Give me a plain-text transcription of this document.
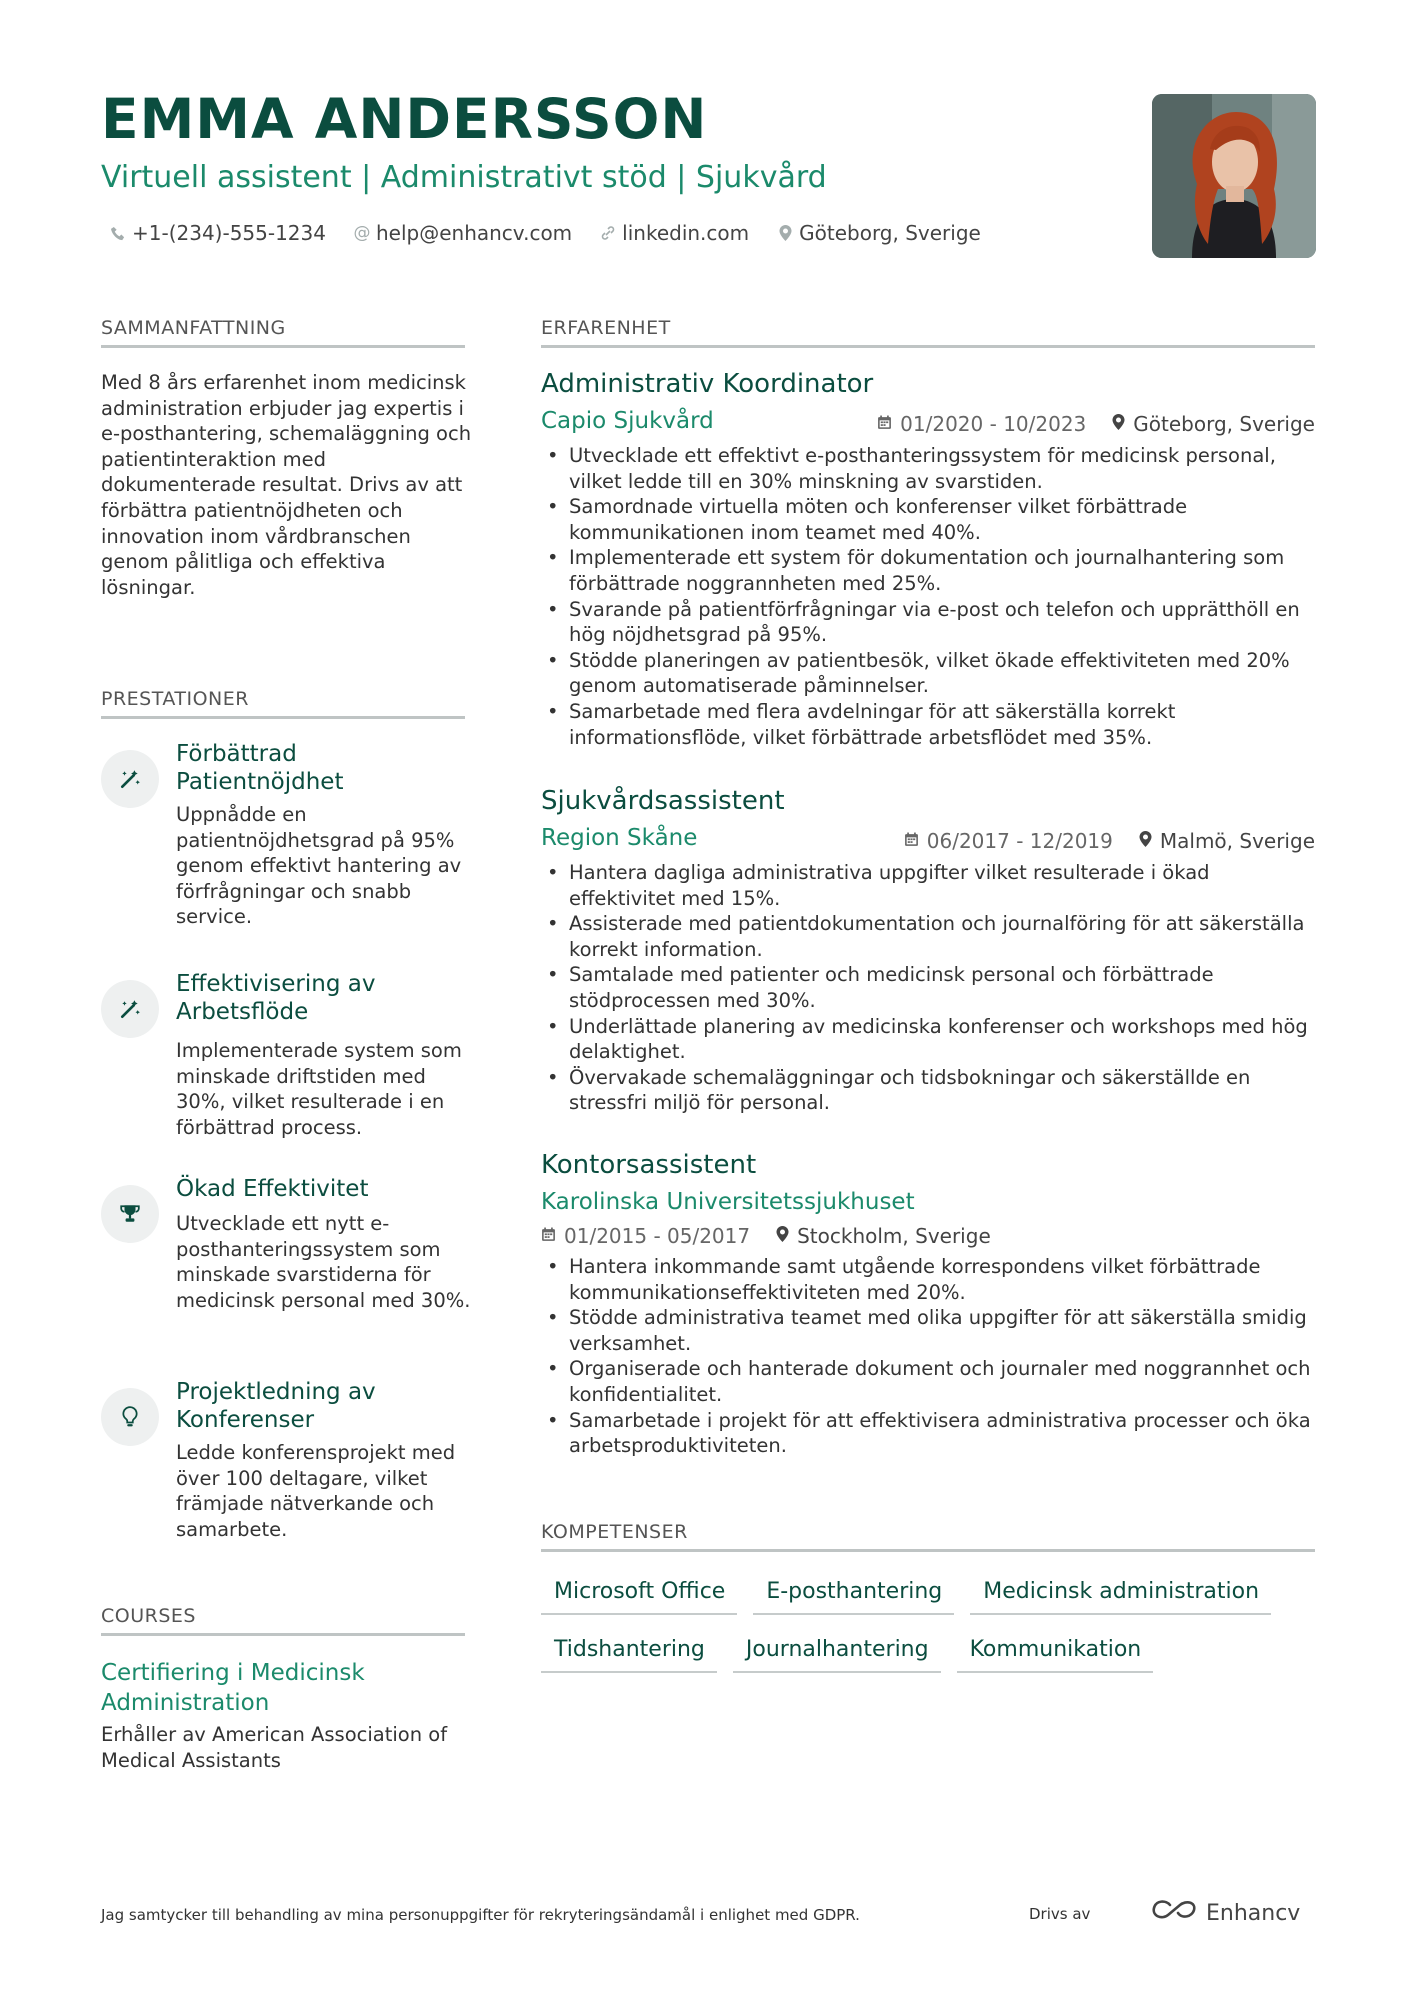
EMMA ANDERSSON
Virtuell assistent | Administrativt stöd | Sjukvård
+1-(234)-555-1234 @ help@enhancv.com	linkedin.com	Göteborg, Sverige
SAMMANFATTNING
Med 8 års erfarenhet inom medicinsk administration erbjuder jag expertis i e-posthantering, schemaläggning och patientinteraktion med dokumenterade resultat. Drivs av att förbättra patientnöjdheten och innovation inom vårdbranschen genom pålitliga och effektiva lösningar.
PRESTATIONER
Förbättrad Patientnöjdhet
Uppnådde en patientnöjdhetsgrad på 95% genom effektivt hantering av förfrågningar och snabb service.
Effektivisering av Arbetsflöde
Implementerade system som minskade driftstiden med 30%, vilket resulterade i en förbättrad process.
Ökad Effektivitet
Utvecklade ett nytt e-posthanteringssystem som minskade svarstiderna för medicinsk personal med 30%.
Projektledning av Konferenser
Ledde konferensprojekt med över 100 deltagare, vilket främjade nätverkande och samarbete.
COURSES
Certifiering i Medicinsk Administration
Erhåller av American Association of Medical Assistants
ERFARENHET
Administrativ Koordinator
Capio Sjukvård	01/2020 - 10/2023 Göteborg, Sverige
• Utvecklade ett effektivt e-posthanteringssystem för medicinsk personal, vilket ledde till en 30% minskning av svarstiden.
• Samordnade virtuella möten och konferenser vilket förbättrade kommunikationen inom teamet med 40%.
• Implementerade ett system för dokumentation och journalhantering som förbättrade noggrannheten med 25%.
• Svarande på patientförfrågningar via e-post och telefon och upprätthöll en hög nöjdhetsgrad på 95%.
• Stödde planeringen av patientbesök, vilket ökade effektiviteten med 20% genom automatiserade påminnelser.
• Samarbetade med flera avdelningar för att säkerställa korrekt informationsflöde, vilket förbättrade arbetsflödet med 35%.
Sjukvårdsassistent
Region Skåne	06/2017 - 12/2019 Malmö, Sverige
• Hantera dagliga administrativa uppgifter vilket resulterade i ökad effektivitet med 15%.
• Assisterade med patientdokumentation och journalföring för att säkerställa korrekt information.
• Samtalade med patienter och medicinsk personal och förbättrade stödprocessen med 30%.
• Underlättade planering av medicinska konferenser och workshops med hög delaktighet.
• Övervakade schemaläggningar och tidsbokningar och säkerställde en stressfri miljö för personal.
Kontorsassistent
Karolinska Universitetssjukhuset
01/2015 - 05/2017 Stockholm, Sverige
• Hantera inkommande samt utgående korrespondens vilket förbättrade kommunikationseffektiviteten med 20%.
• Stödde administrativa teamet med olika uppgifter för att säkerställa smidig verksamhet.
• Organiserade och hanterade dokument och journaler med noggrannhet och konfidentialitet.
• Samarbetade i projekt för att effektivisera administrativa processer och öka arbetsproduktiviteten.
KOMPETENSER
Microsoft Office	E-posthantering	Medicinsk administration
Tidshantering	Journalhantering	Kommunikation
Jag samtycker till behandling av mina personuppgifter för rekryteringsändamål i enlighet med GDPR.	Drivs av	Enhancv
